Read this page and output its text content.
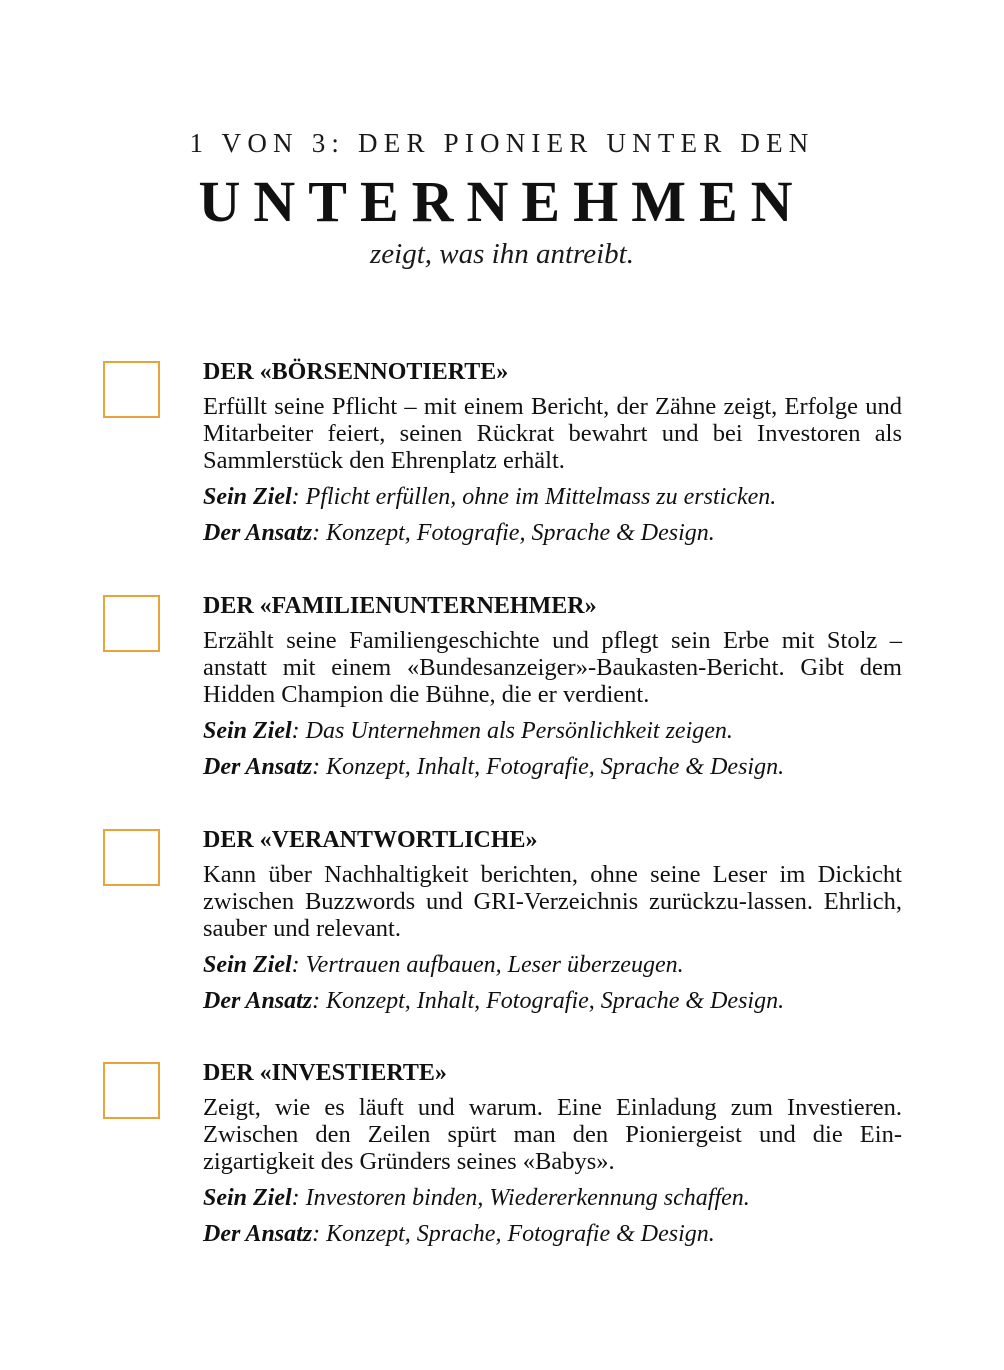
1 VON 3: DER PIONIER UNTER DEN
UNTERNEHMEN
zeigt, was ihn antreibt.
DER «BÖRSENNOTIERTE»
Erfüllt seine Pflicht – mit einem Bericht, der Zähne zeigt, Erfolge und Mitarbeiter feiert, seinen Rückrat bewahrt und bei Investoren als Sammlerstück den Ehrenplatz erhält.
Sein Ziel: Pflicht erfüllen, ohne im Mittelmass zu ersticken.
Der Ansatz: Konzept, Fotografie, Sprache & Design.
DER «FAMILIENUNTERNEHMER»
Erzählt seine Familiengeschichte und pflegt sein Erbe mit Stolz – anstatt mit einem «Bundesanzeiger»-Baukasten-Bericht. Gibt dem Hidden Champion die Bühne, die er verdient.
Sein Ziel: Das Unternehmen als Persönlichkeit zeigen.
Der Ansatz: Konzept, Inhalt, Fotografie, Sprache & Design.
DER «VERANTWORTLICHE»
Kann über Nachhaltigkeit berichten, ohne seine Leser im Dickicht zwischen Buzzwords und GRI-Verzeichnis zurückzu-lassen. Ehrlich, sauber und relevant.
Sein Ziel: Vertrauen aufbauen, Leser überzeugen.
Der Ansatz: Konzept, Inhalt, Fotografie, Sprache & Design.
DER «INVESTIERTE»
Zeigt, wie es läuft und warum. Eine Einladung zum Investieren. Zwischen den Zeilen spürt man den Pioniergeist und die Ein-zigartigkeit des Gründers seines «Babys».
Sein Ziel: Investoren binden, Wiedererkennung schaffen.
Der Ansatz: Konzept, Sprache, Fotografie & Design.
